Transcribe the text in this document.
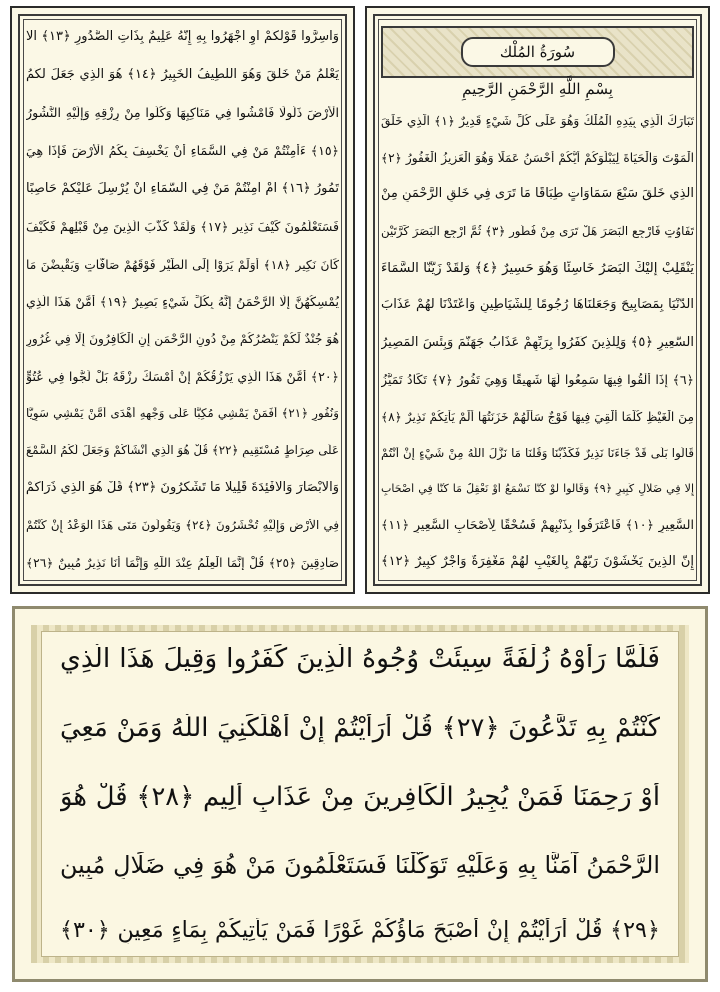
وَأَسِرُّوا قَوْلَكُمْ أَوِ اجْهَرُوا بِهِ إِنَّهُ عَلِيمٌ بِذَاتِ الصُّدُورِ ﴿١٣﴾ أَلَا
يَعْلَمُ مَنْ خَلَقَ وَهُوَ اللَّطِيفُ الْخَبِيرُ ﴿١٤﴾ هُوَ الَّذِي جَعَلَ لَكُمُ
الْأَرْضَ ذَلُولًا فَامْشُوا فِي مَنَاكِبِهَا وَكُلُوا مِنْ رِزْقِهِ وَإِلَيْهِ النُّشُورُ
﴿١٥﴾ ءَأَمِنْتُمْ مَنْ فِي السَّمَاءِ أَنْ يَخْسِفَ بِكُمُ الْأَرْضَ فَإِذَا هِيَ
تَمُورُ ﴿١٦﴾ أَمْ أَمِنْتُمْ مَنْ فِي السَّمَاءِ أَنْ يُرْسِلَ عَلَيْكُمْ حَاصِبًا
فَسَتَعْلَمُونَ كَيْفَ نَذِيرِ ﴿١٧﴾ وَلَقَدْ كَذَّبَ الَّذِينَ مِنْ قَبْلِهِمْ فَكَيْفَ
كَانَ نَكِيرِ ﴿١٨﴾ أَوَلَمْ يَرَوْا إِلَى الطَّيْرِ فَوْقَهُمْ صَافَّاتٍ وَيَقْبِضْنَ مَا
يُمْسِكُهُنَّ إِلَّا الرَّحْمَنُ إِنَّهُ بِكُلِّ شَيْءٍ بَصِيرٌ ﴿١٩﴾ أَمَّنْ هَذَا الَّذِي
هُوَ جُنْدٌ لَكُمْ يَنْصُرُكُمْ مِنْ دُونِ الرَّحْمَنِ إِنِ الْكَافِرُونَ إِلَّا فِي غُرُورٍ
﴿٢٠﴾ أَمَّنْ هَذَا الَّذِي يَرْزُقُكُمْ إِنْ أَمْسَكَ رِزْقَهُ بَلْ لَجُّوا فِي عُتُوٍّ
وَنُفُورٍ ﴿٢١﴾ أَفَمَنْ يَمْشِي مُكِبًّا عَلَى وَجْهِهِ أَهْدَى أَمَّنْ يَمْشِي سَوِيًّا
عَلَى صِرَاطٍ مُسْتَقِيمٍ ﴿٢٢﴾ قُلْ هُوَ الَّذِي أَنْشَأَكُمْ وَجَعَلَ لَكُمُ السَّمْعَ
وَالْأَبْصَارَ وَالْأَفْئِدَةَ قَلِيلًا مَا تَشْكُرُونَ ﴿٢٣﴾ قُلْ هُوَ الَّذِي ذَرَأَكُمْ
فِي الْأَرْضِ وَإِلَيْهِ تُحْشَرُونَ ﴿٢٤﴾ وَيَقُولُونَ مَتَى هَذَا الْوَعْدُ إِنْ كُنْتُمْ
صَادِقِينَ ﴿٢٥﴾ قُلْ إِنَّمَا الْعِلْمُ عِنْدَ اللَّهِ وَإِنَّمَا أَنَا نَذِيرٌ مُبِينٌ ﴿٢٦﴾
سُورَةُ المُلْك
بِسْمِ اللَّهِ الرَّحْمَنِ الرَّحِيمِ
تَبَارَكَ الَّذِي بِيَدِهِ الْمُلْكُ وَهُوَ عَلَى كُلِّ شَيْءٍ قَدِيرٌ ﴿١﴾ الَّذِي خَلَقَ
الْمَوْتَ وَالْحَيَاةَ لِيَبْلُوَكُمْ أَيُّكُمْ أَحْسَنُ عَمَلًا وَهُوَ الْعَزِيزُ الْغَفُورُ ﴿٢﴾
الَّذِي خَلَقَ سَبْعَ سَمَاوَاتٍ طِبَاقًا مَا تَرَى فِي خَلْقِ الرَّحْمَنِ مِنْ
تَفَاوُتٍ فَارْجِعِ الْبَصَرَ هَلْ تَرَى مِنْ فُطُورٍ ﴿٣﴾ ثُمَّ ارْجِعِ الْبَصَرَ كَرَّتَيْنِ
يَنْقَلِبْ إِلَيْكَ الْبَصَرُ خَاسِئًا وَهُوَ حَسِيرٌ ﴿٤﴾ وَلَقَدْ زَيَّنَّا السَّمَاءَ
الدُّنْيَا بِمَصَابِيحَ وَجَعَلْنَاهَا رُجُومًا لِلشَّيَاطِينِ وَأَعْتَدْنَا لَهُمْ عَذَابَ
السَّعِيرِ ﴿٥﴾ وَلِلَّذِينَ كَفَرُوا بِرَبِّهِمْ عَذَابُ جَهَنَّمَ وَبِئْسَ الْمَصِيرُ
﴿٦﴾ إِذَا أُلْقُوا فِيهَا سَمِعُوا لَهَا شَهِيقًا وَهِيَ تَفُورُ ﴿٧﴾ تَكَادُ تَمَيَّزُ
مِنَ الْغَيْظِ كُلَّمَا أُلْقِيَ فِيهَا فَوْجٌ سَأَلَهُمْ خَزَنَتُهَا أَلَمْ يَأْتِكُمْ نَذِيرٌ ﴿٨﴾
قَالُوا بَلَى قَدْ جَاءَنَا نَذِيرٌ فَكَذَّبْنَا وَقُلْنَا مَا نَزَّلَ اللَّهُ مِنْ شَيْءٍ إِنْ أَنْتُمْ
إِلَّا فِي ضَلَالٍ كَبِيرٍ ﴿٩﴾ وَقَالُوا لَوْ كُنَّا نَسْمَعُ أَوْ نَعْقِلُ مَا كُنَّا فِي أَصْحَابِ
السَّعِيرِ ﴿١٠﴾ فَاعْتَرَفُوا بِذَنْبِهِمْ فَسُحْقًا لِأَصْحَابِ السَّعِيرِ ﴿١١﴾
إِنَّ الَّذِينَ يَخْشَوْنَ رَبَّهُمْ بِالْغَيْبِ لَهُمْ مَغْفِرَةٌ وَأَجْرٌ كَبِيرٌ ﴿١٢﴾
فَلَمَّا رَأَوْهُ زُلْفَةً سِيئَتْ وُجُوهُ الَّذِينَ كَفَرُوا وَقِيلَ هَذَا الَّذِي
كُنْتُمْ بِهِ تَدَّعُونَ ﴿٢٧﴾ قُلْ أَرَأَيْتُمْ إِنْ أَهْلَكَنِيَ اللَّهُ وَمَنْ مَعِيَ
أَوْ رَحِمَنَا فَمَنْ يُجِيرُ الْكَافِرِينَ مِنْ عَذَابٍ أَلِيمٍ ﴿٢٨﴾ قُلْ هُوَ
الرَّحْمَنُ آمَنَّا بِهِ وَعَلَيْهِ تَوَكَّلْنَا فَسَتَعْلَمُونَ مَنْ هُوَ فِي ضَلَالٍ مُبِينٍ
﴿٢٩﴾ قُلْ أَرَأَيْتُمْ إِنْ أَصْبَحَ مَاؤُكُمْ غَوْرًا فَمَنْ يَأْتِيكُمْ بِمَاءٍ مَعِينٍ ﴿٣٠﴾
